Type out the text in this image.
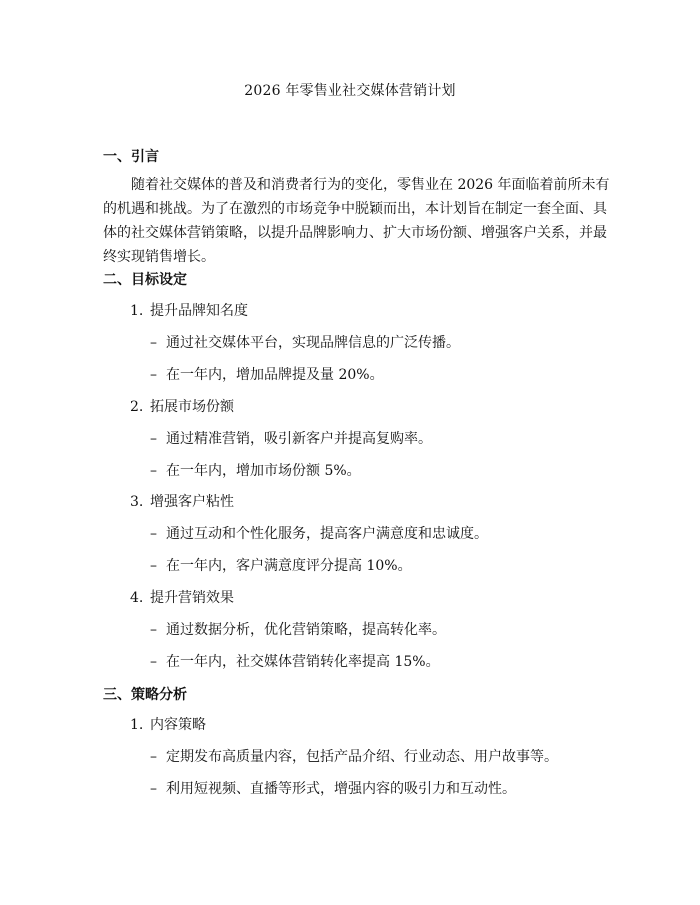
2026 年零售业社交媒体营销计划
一、引言
随着社交媒体的普及和消费者行为的变化，零售业在 2026 年面临着前所未有
的机遇和挑战。为了在激烈的市场竞争中脱颖而出，本计划旨在制定一套全面、具
体的社交媒体营销策略，以提升品牌影响力、扩大市场份额、增强客户关系，并最
终实现销售增长。
二、目标设定
1. 提升品牌知名度
– 通过社交媒体平台，实现品牌信息的广泛传播。
– 在一年内，增加品牌提及量 20%。
2. 拓展市场份额
– 通过精准营销，吸引新客户并提高复购率。
– 在一年内，增加市场份额 5%。
3. 增强客户粘性
– 通过互动和个性化服务，提高客户满意度和忠诚度。
– 在一年内，客户满意度评分提高 10%。
4. 提升营销效果
– 通过数据分析，优化营销策略，提高转化率。
– 在一年内，社交媒体营销转化率提高 15%。
三、策略分析
1. 内容策略
– 定期发布高质量内容，包括产品介绍、行业动态、用户故事等。
– 利用短视频、直播等形式，增强内容的吸引力和互动性。
